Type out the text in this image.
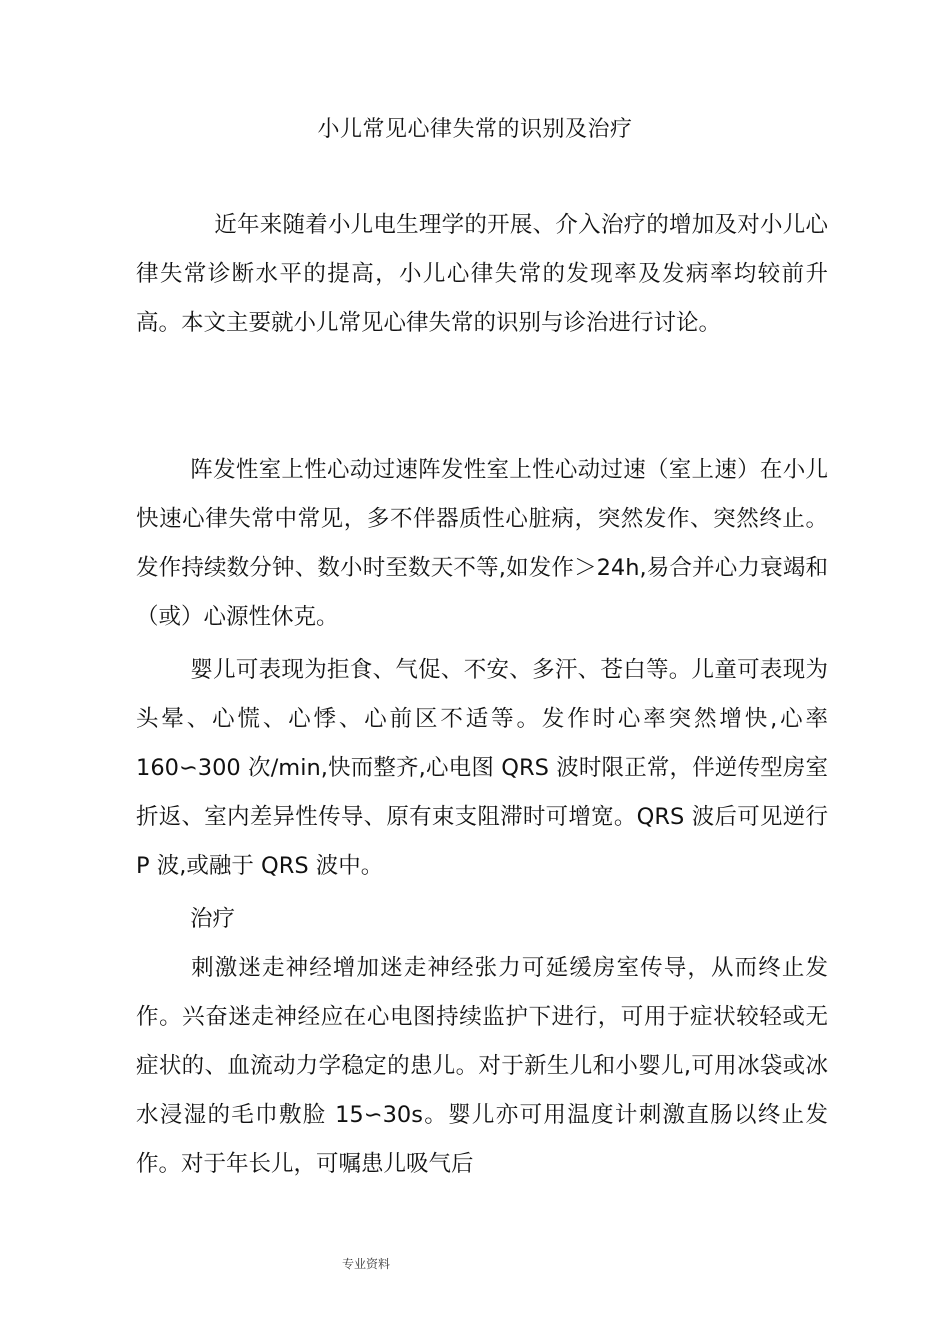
小儿常见心律失常的识别及治疗

近年来随着小儿电生理学的开展、介入治疗的增加及对小儿心律失常诊断水平的提高，小儿心律失常的发现率及发病率均较前升高。本文主要就小儿常见心律失常的识别与诊治进行讨论。

阵发性室上性心动过速阵发性室上性心动过速（室上速）在小儿快速心律失常中常见，多不伴器质性心脏病，突然发作、突然终止。发作持续数分钟、数小时至数天不等,如发作＞24h,易合并心力衰竭和（或）心源性休克。

婴儿可表现为拒食、气促、不安、多汗、苍白等。儿童可表现为头晕、心慌、心悸、心前区不适等。发作时心率突然增快,心率 160∽300 次/min,快而整齐,心电图 QRS 波时限正常，伴逆传型房室折返、室内差异性传导、原有束支阻滞时可增宽。QRS 波后可见逆行 P 波,或融于 QRS 波中。

治疗

刺激迷走神经增加迷走神经张力可延缓房室传导，从而终止发作。兴奋迷走神经应在心电图持续监护下进行，可用于症状较轻或无症状的、血流动力学稳定的患儿。对于新生儿和小婴儿,可用冰袋或冰水浸湿的毛巾敷脸 15∽30s。婴儿亦可用温度计刺激直肠以终止发作。对于年长儿，可嘱患儿吸气后

专业资料
